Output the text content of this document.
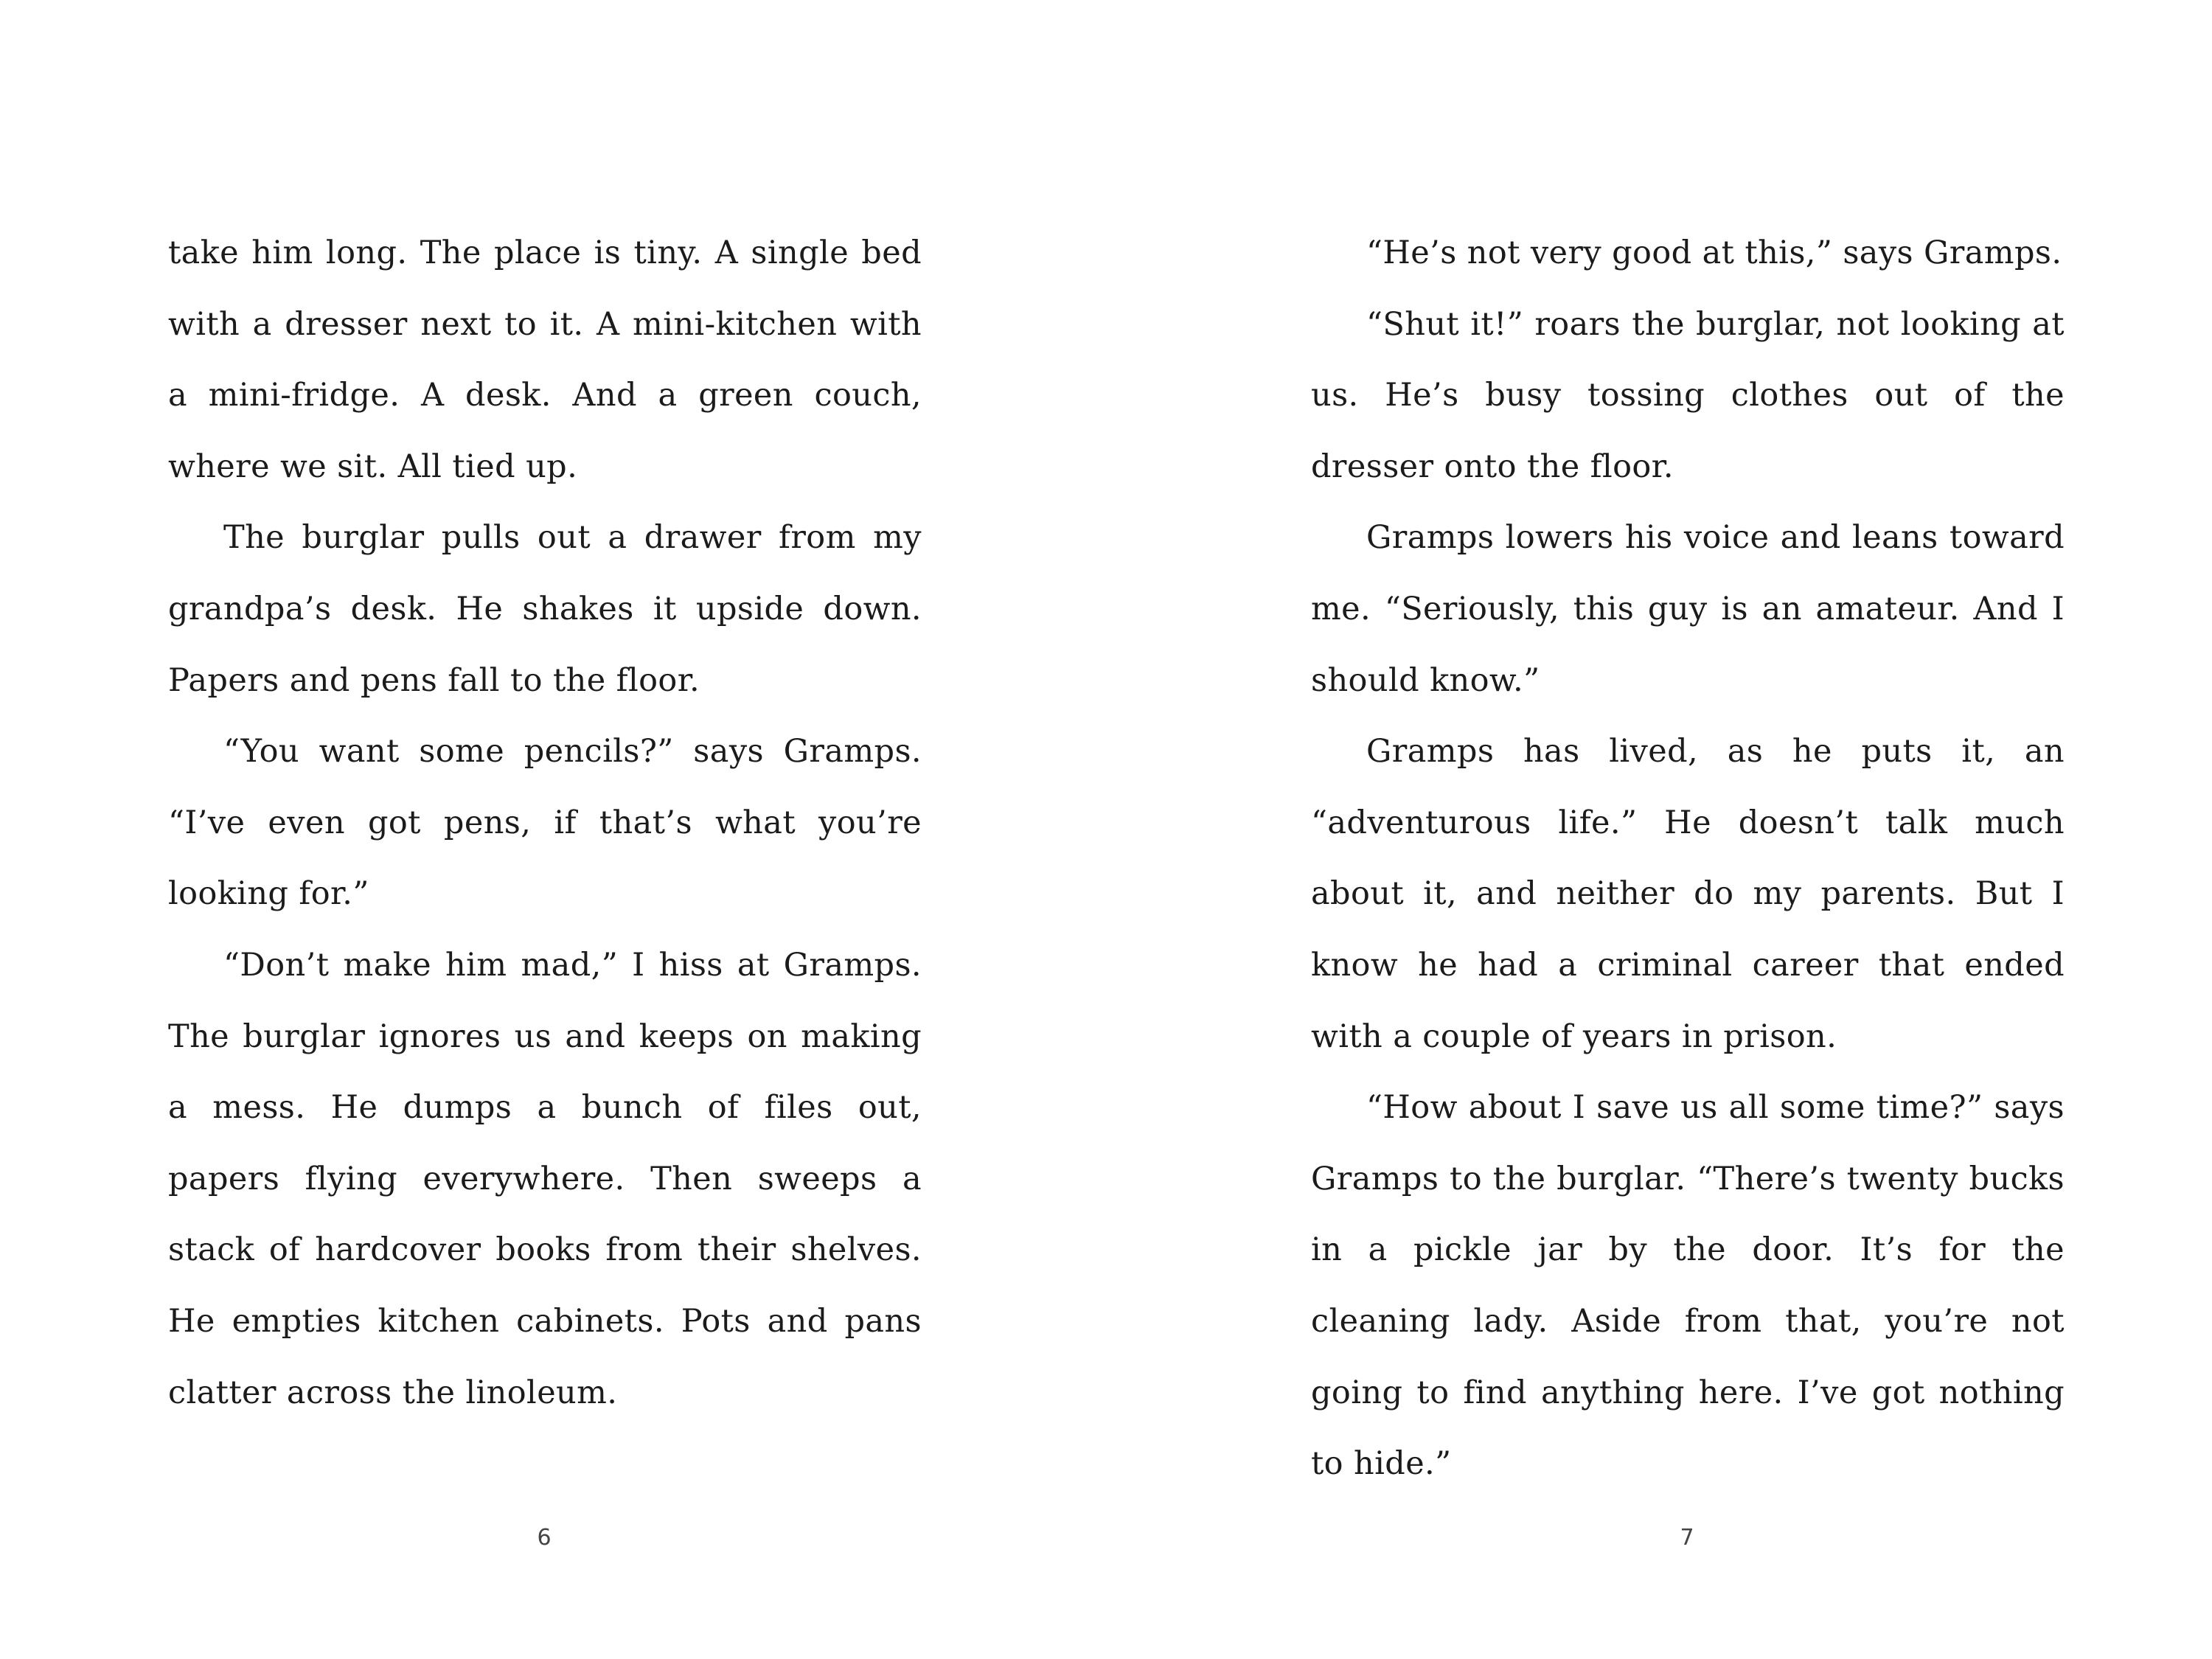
take him long. The place is tiny. A single bed with a dresser next to it. A mini-kitchen with a mini-fridge. A desk. And a green couch, where we sit. All tied up.

The burglar pulls out a drawer from my grandpa’s desk. He shakes it upside down. Papers and pens fall to the floor.

“You want some pencils?” says Gramps. “I’ve even got pens, if that’s what you’re looking for.”

“Don’t make him mad,” I hiss at Gramps. The burglar ignores us and keeps on making a mess. He dumps a bunch of files out, papers flying everywhere. Then sweeps a stack of hardcover books from their shelves. He empties kitchen cabinets. Pots and pans clatter across the linoleum.

6

“He’s not very good at this,” says Gramps.

“Shut it!” roars the burglar, not looking at us. He’s busy tossing clothes out of the dresser onto the floor.

Gramps lowers his voice and leans toward me. “Seriously, this guy is an amateur. And I should know.”

Gramps has lived, as he puts it, an “adventurous life.” He doesn’t talk much about it, and neither do my parents. But I know he had a criminal career that ended with a couple of years in prison.

“How about I save us all some time?” says Gramps to the burglar. “There’s twenty bucks in a pickle jar by the door. It’s for the cleaning lady. Aside from that, you’re not going to find anything here. I’ve got nothing to hide.”

7
